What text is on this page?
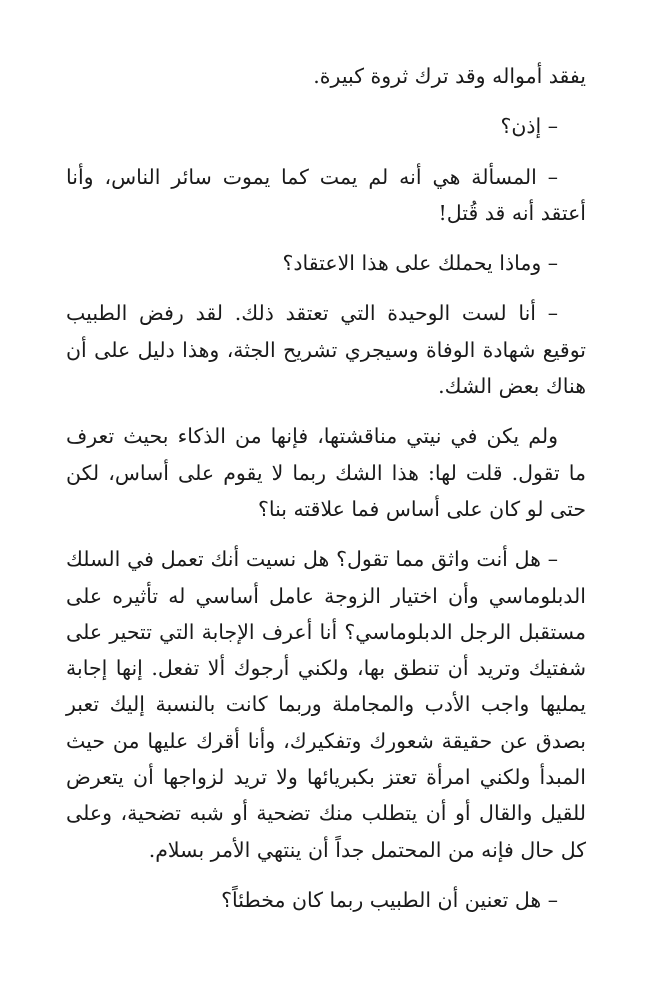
يفقد أمواله وقد ترك ثروة كبيرة.

– إذن؟

– المسألة هي أنه لم يمت كما يموت سائر الناس، وأنا أعتقد أنه قد قُتل!

– وماذا يحملك على هذا الاعتقاد؟

– أنا لست الوحيدة التي تعتقد ذلك. لقد رفض الطبيب توقيع شهادة الوفاة وسيجري تشريح الجثة، وهذا دليل على أن هناك بعض الشك.

ولم يكن في نيتي مناقشتها، فإنها من الذكاء بحيث تعرف ما تقول. قلت لها: هذا الشك ربما لا يقوم على أساس، لكن حتى لو كان على أساس فما علاقته بنا؟

– هل أنت واثق مما تقول؟ هل نسيت أنك تعمل في السلك الدبلوماسي وأن اختيار الزوجة عامل أساسي له تأثيره على مستقبل الرجل الدبلوماسي؟ أنا أعرف الإجابة التي تتحير على شفتيك وتريد أن تنطق بها، ولكني أرجوك ألا تفعل. إنها إجابة يمليها واجب الأدب والمجاملة وربما كانت بالنسبة إليك تعبر بصدق عن حقيقة شعورك وتفكيرك، وأنا أقرك عليها من حيث المبدأ ولكني امرأة تعتز بكبريائها ولا تريد لزواجها أن يتعرض للقيل والقال أو أن يتطلب منك تضحية أو شبه تضحية، وعلى كل حال فإنه من المحتمل جداً أن ينتهي الأمر بسلام.

– هل تعنين أن الطبيب ربما كان مخطئاً؟
